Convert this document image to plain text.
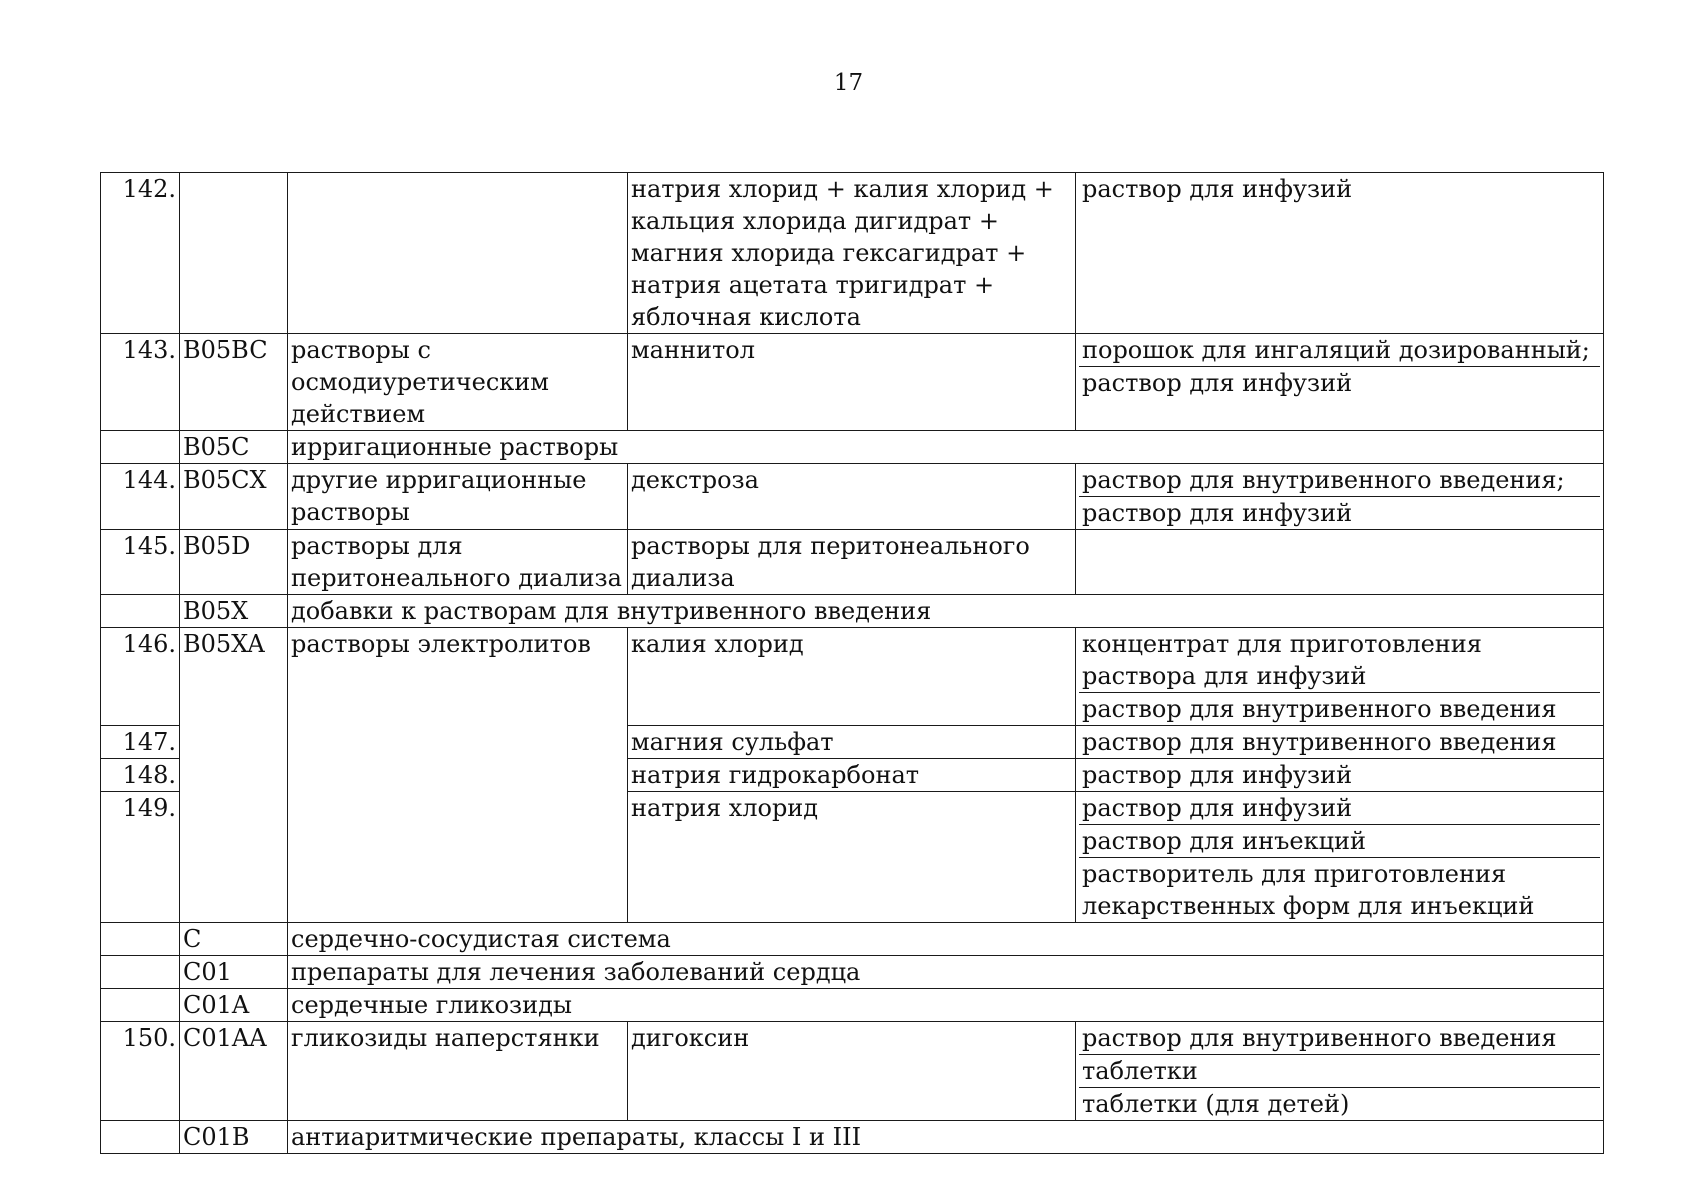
17
142.			натрия хлорид + калия хлорид + кальция хлорида дигидрат + магния хлорида гексагидрат + натрия ацетата тригидрат + яблочная кислота	раствор для инфузий

143.	B05BC	растворы с осмодиуретическим действием	маннитол	порошок для ингаляций дозированный;
раствор для инфузий

	B05C	ирригационные растворы		
144.	B05CX	другие ирригационные растворы	декстроза	раствор для внутривенного введения;
раствор для инфузий

145.	B05D	растворы для перитонеального диализа	растворы для перитонеального диализа	
	B05X	добавки к растворам для внутривенного введения		
146.	B05XA	растворы электролитов	калия хлорид	концентрат для приготовления раствора для инфузий
раствор для внутривенного введения

147.			магния сульфат	раствор для внутривенного введения

148.			натрия гидрокарбонат	раствор для инфузий

149.			натрия хлорид	раствор для инфузий
раствор для инъекций
растворитель для приготовления лекарственных форм для инъекций

	C	сердечно-сосудистая система		
	C01	препараты для лечения заболеваний сердца		
	C01A	сердечные гликозиды		
150.	C01AA	гликозиды наперстянки	дигоксин	раствор для внутривенного введения
таблетки
таблетки (для детей)

	C01B	антиаритмические препараты, классы I и III		
